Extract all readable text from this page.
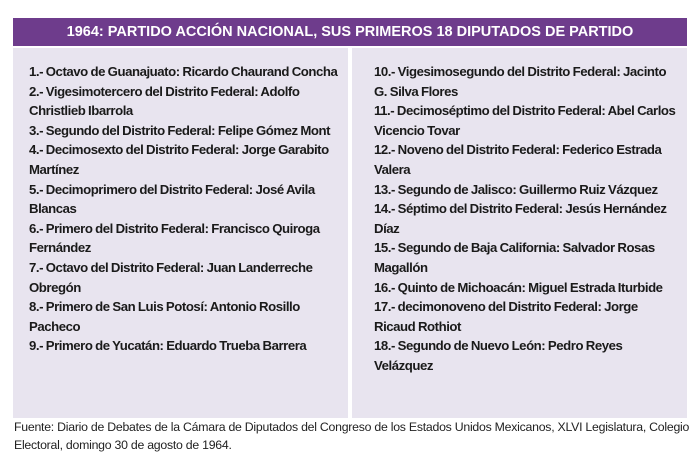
1964: PARTIDO ACCIÓN NACIONAL, SUS PRIMEROS 18 DIPUTADOS DE PARTIDO

1.- Octavo de Guanajuato: Ricardo Chaurand Concha

2.- Vigesimotercero del Distrito Federal: Adolfo Christlieb Ibarrola

3.- Segundo del Distrito Federal: Felipe Gómez Mont

4.- Decimosexto del Distrito Federal: Jorge Garabito Martínez

5.- Decimoprimero del Distrito Federal: José Avila Blancas

6.- Primero del Distrito Federal: Francisco Quiroga Fernández

7.- Octavo del Distrito Federal: Juan Landerreche Obregón

8.- Primero de San Luis Potosí: Antonio Rosillo Pacheco

9.- Primero de Yucatán: Eduardo Trueba Barrera

10.- Vigesimosegundo del Distrito Federal: Jacinto G. Silva Flores

11.- Decimoséptimo del Distrito Federal: Abel Carlos Vicencio Tovar

12.- Noveno del Distrito Federal: Federico Estrada Valera

13.- Segundo de Jalisco: Guillermo Ruiz Vázquez

14.- Séptimo del Distrito Federal: Jesús Hernández Díaz

15.- Segundo de Baja California: Salvador Rosas Magallón

16.- Quinto de Michoacán: Miguel Estrada Iturbide

17.- decimonoveno del Distrito Federal: Jorge Ricaud Rothiot

18.- Segundo de Nuevo León: Pedro Reyes Velázquez

Fuente: Diario de Debates de la Cámara de Diputados del Congreso de los Estados Unidos Mexicanos, XLVI Legislatura, Colegio Electoral, domingo 30 de agosto de 1964.
